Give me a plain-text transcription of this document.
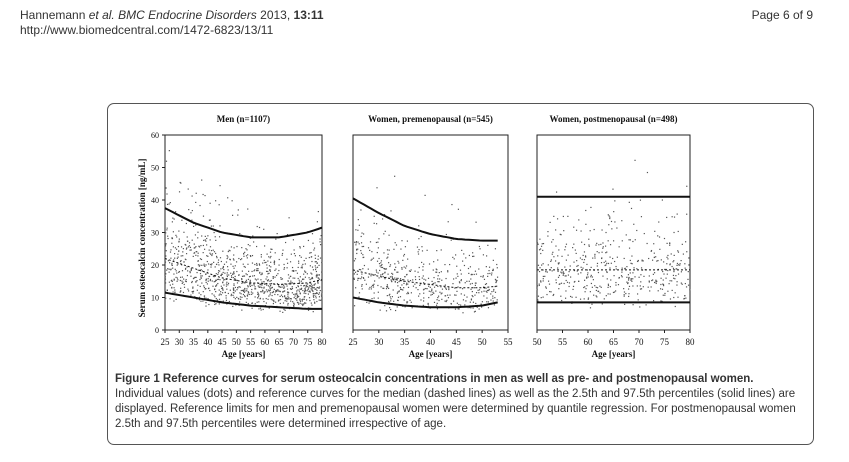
Hannemann et al. BMC Endocrine Disorders 2013, 13:11
http://www.biomedcentral.com/1472-6823/13/11
Page 6 of 9
Serum osteocalcin concentration [ng/mL]
Men (n=1107)
25 30 35 40 45 50 55 60 65 70 75 80
Age [years]
0
10
20
30
40
50
60
Women, premenopausal (n=545)
25 30 35 40 45 50 55
Age [years]
Women, postmenopausal (n=498)
50 55 60 65 70 75 80
Age [years]
Figure 1 Reference curves for serum osteocalcin concentrations in men as well as pre- and postmenopausal women. Individual values (dots) and reference curves for the median (dashed lines) as well as the 2.5th and 97.5th percentiles (solid lines) are displayed. Reference limits for men and premenopausal women were determined by quantile regression. For postmenopausal women 2.5th and 97.5th percentiles were determined irrespective of age.
